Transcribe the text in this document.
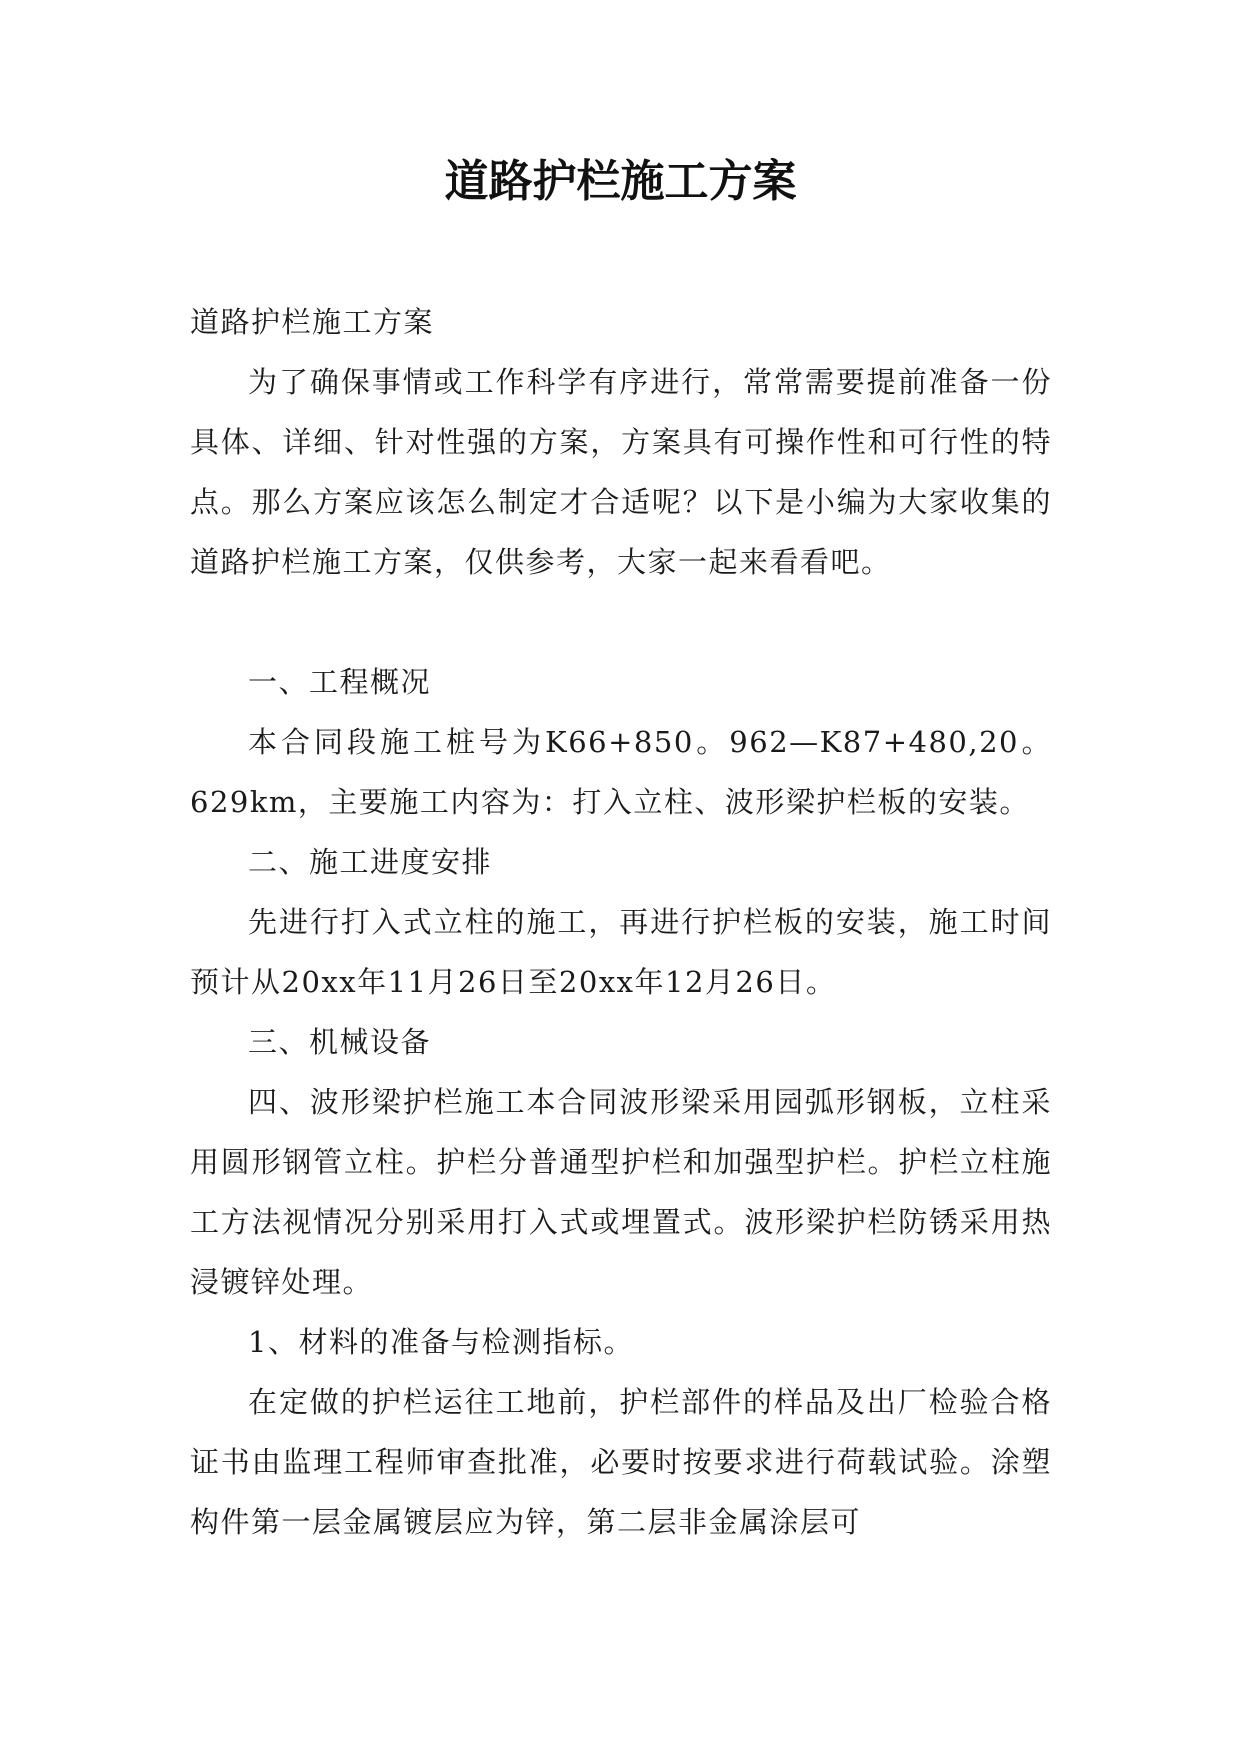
道路护栏施工方案

道路护栏施工方案

为了确保事情或工作科学有序进行，常常需要提前准备一份具体、详细、针对性强的方案，方案具有可操作性和可行性的特点。那么方案应该怎么制定才合适呢？以下是小编为大家收集的道路护栏施工方案，仅供参考，大家一起来看看吧。

一、工程概况

本合同段施工桩号为K66+850。962—K87+480,20。629km，主要施工内容为：打入立柱、波形梁护栏板的安装。

二、施工进度安排

先进行打入式立柱的施工，再进行护栏板的安装，施工时间预计从20xx年11月26日至20xx年12月26日。

三、机械设备

四、波形梁护栏施工本合同波形梁采用园弧形钢板，立柱采用圆形钢管立柱。护栏分普通型护栏和加强型护栏。护栏立柱施工方法视情况分别采用打入式或埋置式。波形梁护栏防锈采用热浸镀锌处理。

1、材料的准备与检测指标。

在定做的护栏运往工地前，护栏部件的样品及出厂检验合格证书由监理工程师审查批准，必要时按要求进行荷载试验。涂塑构件第一层金属镀层应为锌，第二层非金属涂层可
